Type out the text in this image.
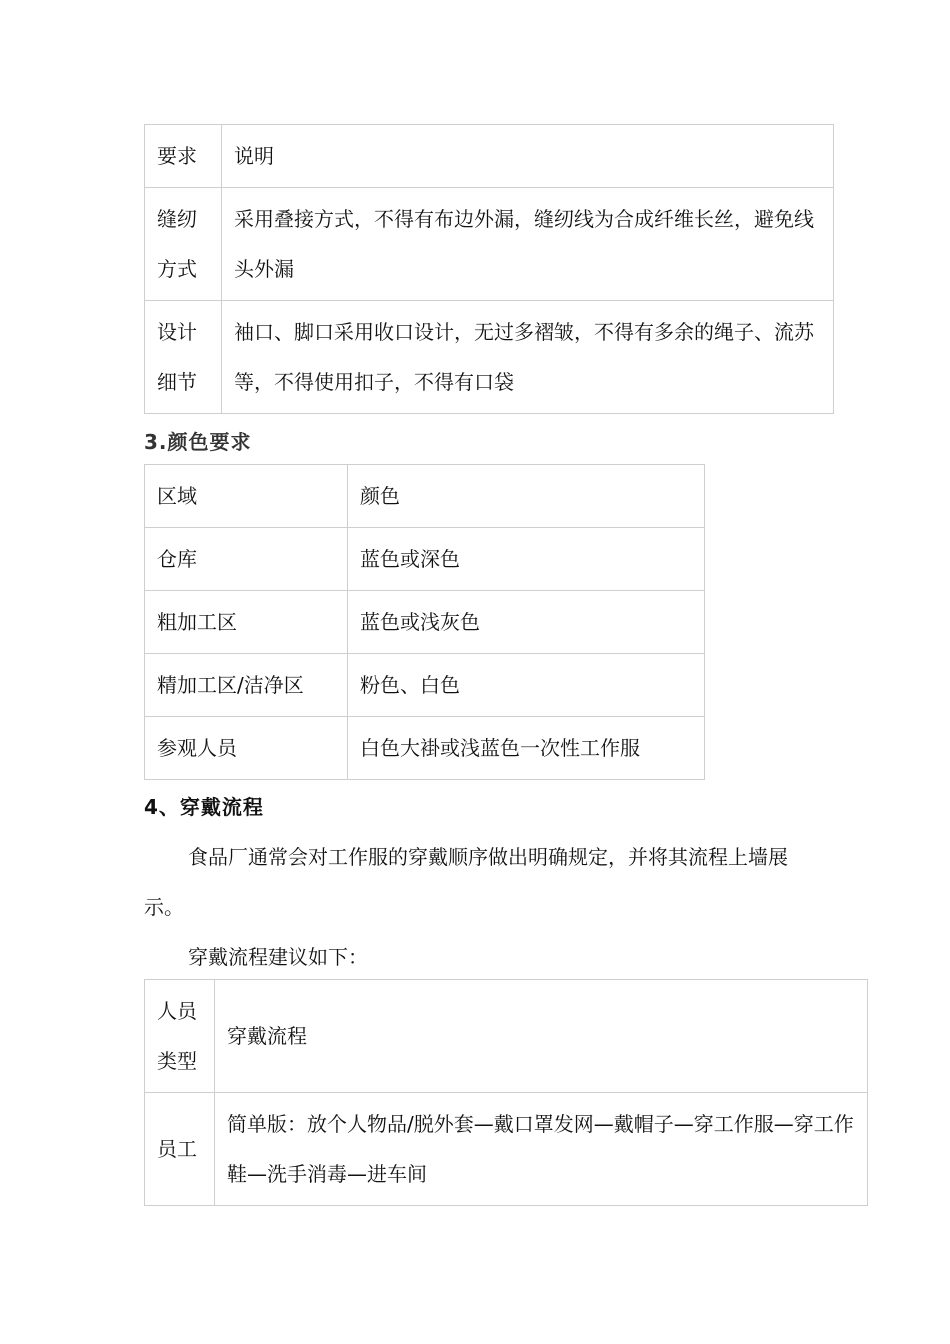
要求	说明
缝纫方式	采用叠接方式，不得有布边外漏，缝纫线为合成纤维长丝，避免线头外漏
设计细节	袖口、脚口采用收口设计，无过多褶皱，不得有多余的绳子、流苏等，不得使用扣子，不得有口袋
3.颜色要求
区域	颜色
仓库	蓝色或深色
粗加工区	蓝色或浅灰色
精加工区/洁净区	粉色、白色
参观人员	白色大褂或浅蓝色一次性工作服
4、穿戴流程
食品厂通常会对工作服的穿戴顺序做出明确规定，并将其流程上墙展示。
穿戴流程建议如下：
人员类型	穿戴流程
员工	简单版：放个人物品/脱外套—戴口罩发网—戴帽子—穿工作服—穿工作鞋—洗手消毒—进车间
